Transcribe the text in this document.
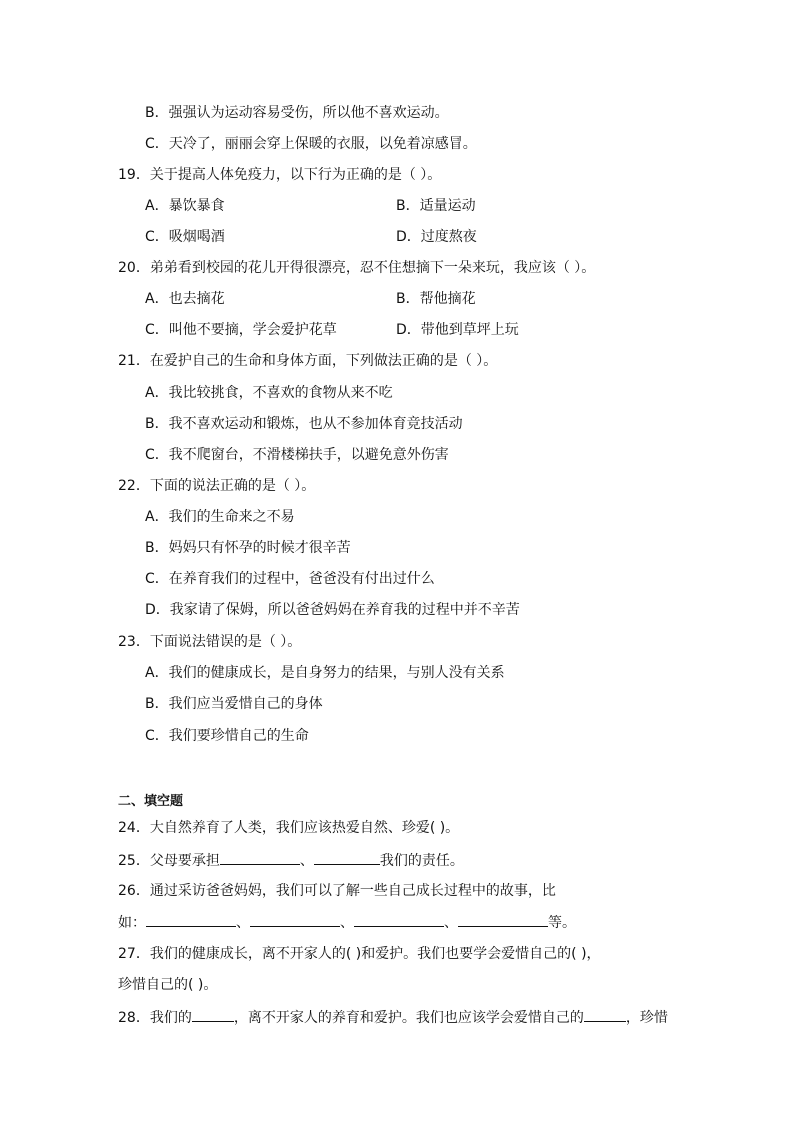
B．强强认为运动容易受伤，所以他不喜欢运动。
C．天冷了，丽丽会穿上保暖的衣服，以免着凉感冒。
19．关于提高人体免疫力，以下行为正确的是（ ）。
A．暴饮暴食	B．适量运动
C．吸烟喝酒	D．过度熬夜
20．弟弟看到校园的花儿开得很漂亮，忍不住想摘下一朵来玩，我应该（ ）。
A．也去摘花	B．帮他摘花
C．叫他不要摘，学会爱护花草	D．带他到草坪上玩
21．在爱护自己的生命和身体方面，下列做法正确的是（ ）。
A．我比较挑食，不喜欢的食物从来不吃
B．我不喜欢运动和锻炼，也从不参加体育竞技活动
C．我不爬窗台，不滑楼梯扶手，以避免意外伤害
22．下面的说法正确的是（ ）。
A．我们的生命来之不易
B．妈妈只有怀孕的时候才很辛苦
C．在养育我们的过程中，爸爸没有付出过什么
D．我家请了保姆，所以爸爸妈妈在养育我的过程中并不辛苦
23．下面说法错误的是（ ）。
A．我们的健康成长，是自身努力的结果，与别人没有关系
B．我们应当爱惜自己的身体
C．我们要珍惜自己的生命
二、填空题
24．大自然养育了人类，我们应该热爱自然、珍爱( )。
25．父母要承担	、	我们的责任。
26．通过采访爸爸妈妈，我们可以了解一些自己成长过程中的故事，比
如：	、	、	、	等。
27．我们的健康成长，离不开家人的( )和爱护。我们也要学会爱惜自己的( )，
珍惜自己的( )。
28．我们的	，离不开家人的养育和爱护。我们也应该学会爱惜自己的	，珍惜
